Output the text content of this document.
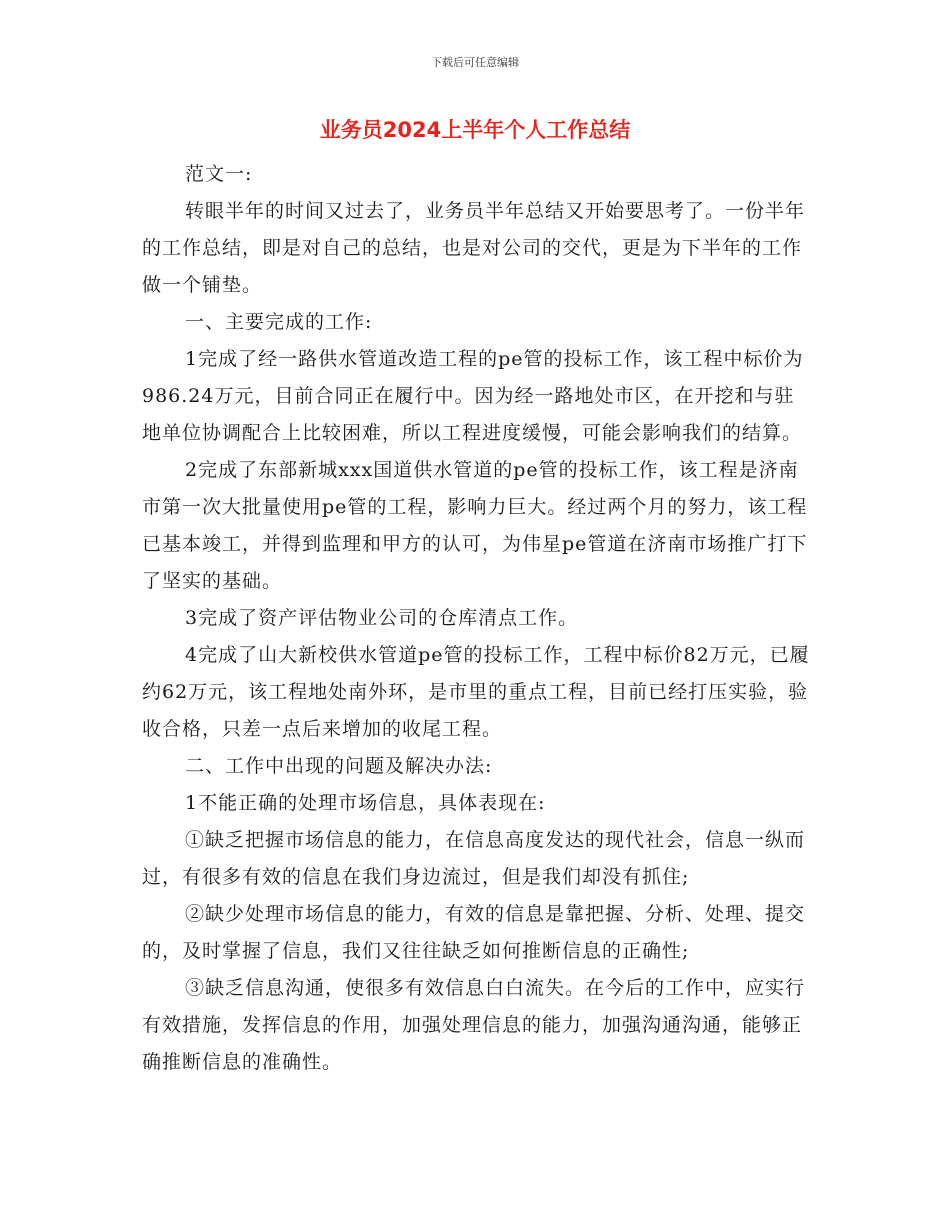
下载后可任意编辑
业务员2024上半年个人工作总结

范文一:

转眼半年的时间又过去了，业务员半年总结又开始要思考了。一份半年的工作总结，即是对自己的总结，也是对公司的交代，更是为下半年的工作做一个铺垫。

一、主要完成的工作:

1完成了经一路供水管道改造工程的pe管的投标工作，该工程中标价为986.24万元，目前合同正在履行中。因为经一路地处市区，在开挖和与驻地单位协调配合上比较困难，所以工程进度缓慢，可能会影响我们的结算。

2完成了东部新城xxx国道供水管道的pe管的投标工作，该工程是济南市第一次大批量使用pe管的工程，影响力巨大。经过两个月的努力，该工程已基本竣工，并得到监理和甲方的认可，为伟星pe管道在济南市场推广打下了坚实的基础。

3完成了资产评估物业公司的仓库清点工作。

4完成了山大新校供水管道pe管的投标工作，工程中标价82万元，已履约62万元，该工程地处南外环，是市里的重点工程，目前已经打压实验，验收合格，只差一点后来增加的收尾工程。

二、工作中出现的问题及解决办法:

1不能正确的处理市场信息，具体表现在:

①缺乏把握市场信息的能力，在信息高度发达的现代社会，信息一纵而过，有很多有效的信息在我们身边流过，但是我们却没有抓住;

②缺少处理市场信息的能力，有效的信息是靠把握、分析、处理、提交的，及时掌握了信息，我们又往往缺乏如何推断信息的正确性;

③缺乏信息沟通，使很多有效信息白白流失。在今后的工作中，应实行有效措施，发挥信息的作用，加强处理信息的能力，加强沟通沟通，能够正确推断信息的准确性。
